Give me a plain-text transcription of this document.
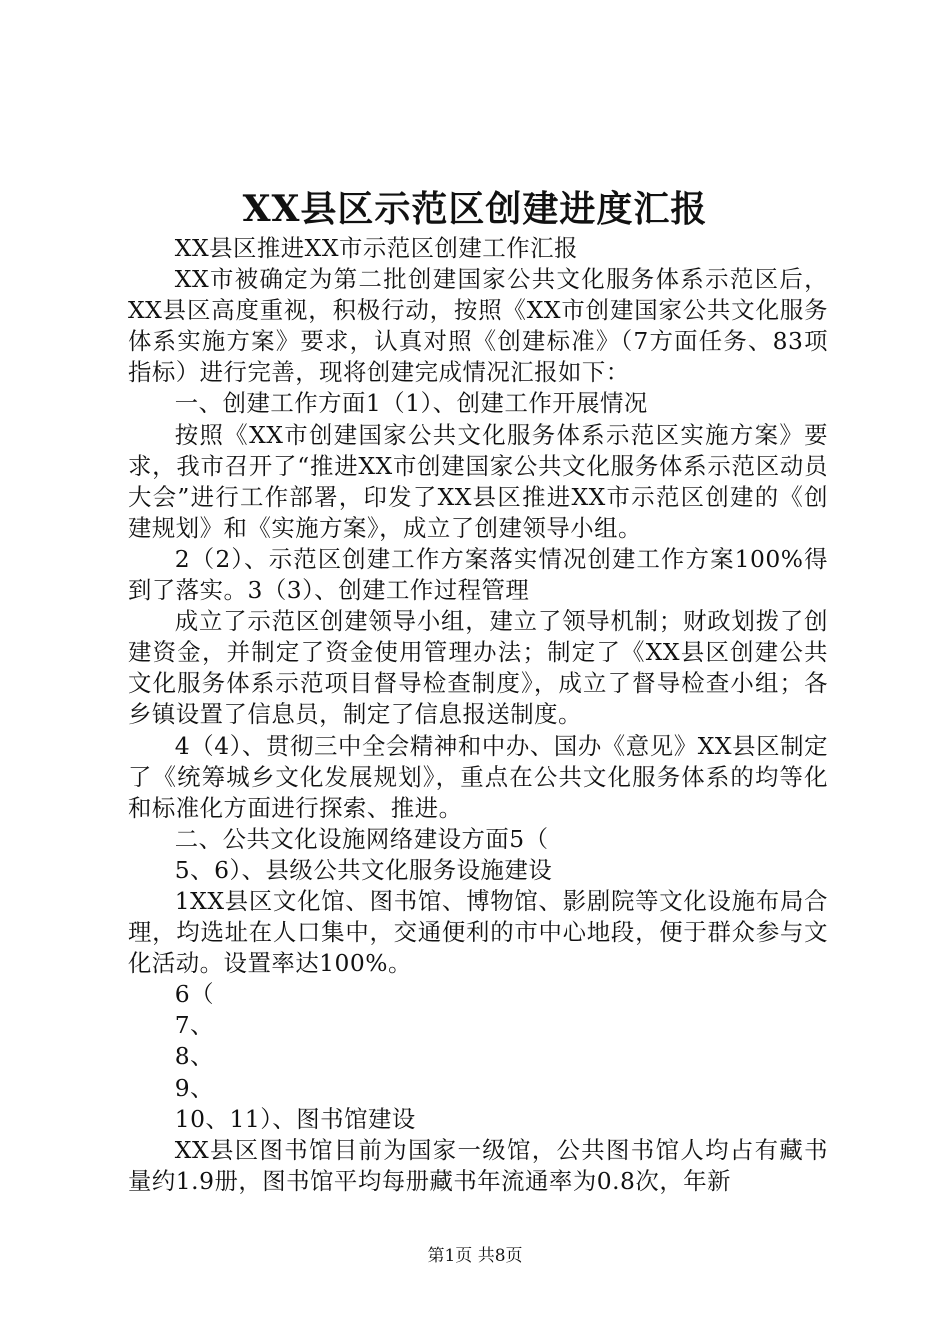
XX县区示范区创建进度汇报

XX县区推进XX市示范区创建工作汇报

XX市被确定为第二批创建国家公共文化服务体系示范区后，XX县区高度重视，积极行动，按照《XX市创建国家公共文化服务体系实施方案》要求，认真对照《创建标准》（7方面任务、83项指标）进行完善，现将创建完成情况汇报如下：

一、创建工作方面1（1）、创建工作开展情况

按照《XX市创建国家公共文化服务体系示范区实施方案》要求，我市召开了“推进XX市创建国家公共文化服务体系示范区动员大会”进行工作部署，印发了XX县区推进XX市示范区创建的《创建规划》和《实施方案》，成立了创建领导小组。

2（2）、示范区创建工作方案落实情况创建工作方案100%得到了落实。3（3）、创建工作过程管理

成立了示范区创建领导小组，建立了领导机制；财政划拨了创建资金，并制定了资金使用管理办法；制定了《XX县区创建公共文化服务体系示范项目督导检查制度》，成立了督导检查小组；各乡镇设置了信息员，制定了信息报送制度。

4（4）、贯彻三中全会精神和中办、国办《意见》XX县区制定了《统筹城乡文化发展规划》，重点在公共文化服务体系的均等化和标准化方面进行探索、推进。

二、公共文化设施网络建设方面5（

5、6）、县级公共文化服务设施建设

1XX县区文化馆、图书馆、博物馆、影剧院等文化设施布局合理，均选址在人口集中，交通便利的市中心地段，便于群众参与文化活动。设置率达100%。

6（

7、

8、

9、

10、11）、图书馆建设

XX县区图书馆目前为国家一级馆，公共图书馆人均占有藏书量约1.9册，图书馆平均每册藏书年流通率为0.8次，年新

第1页 共8页
